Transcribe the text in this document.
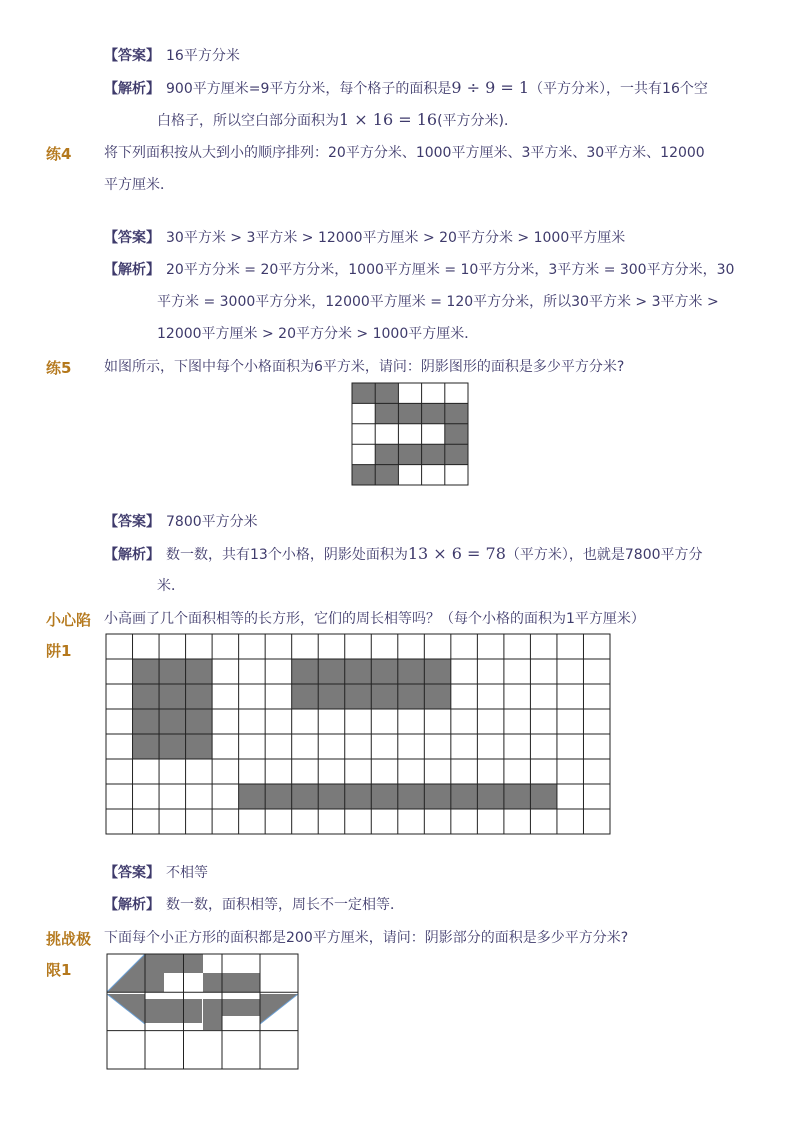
【答案】 16平方分米
【解析】 900平方厘米=9平方分米，每个格子的面积是9 ÷ 9 = 1（平方分米），一共有16个空
白格子，所以空白部分面积为1 × 16 = 16(平方分米)．
练4 将下列面积按从大到小的顺序排列：20平方分米、1000平方厘米、3平方米、30平方米、12000
平方厘米．
【答案】 30平方米 > 3平方米 > 12000平方厘米 > 20平方分米 > 1000平方厘米
【解析】 20平方分米 = 20平方分米，1000平方厘米 = 10平方分米，3平方米 = 300平方分米，30
平方米 = 3000平方分米，12000平方厘米 = 120平方分米，所以30平方米 > 3平方米 >
12000平方厘米 > 20平方分米 > 1000平方厘米．
练5 如图所示，下图中每个小格面积为6平方米，请问：阴影图形的面积是多少平方分米?
【答案】 7800平方分米
【解析】 数一数，共有13个小格，阴影处面积为13 × 6 = 78（平方米），也就是7800平方分
米．
小心陷
阱1
小高画了几个面积相等的长方形，它们的周长相等吗？（每个小格的面积为1平方厘米）
【答案】 不相等
【解析】 数一数，面积相等，周长不一定相等．
挑战极
限1
下面每个小正方形的面积都是200平方厘米，请问：阴影部分的面积是多少平方分米?
